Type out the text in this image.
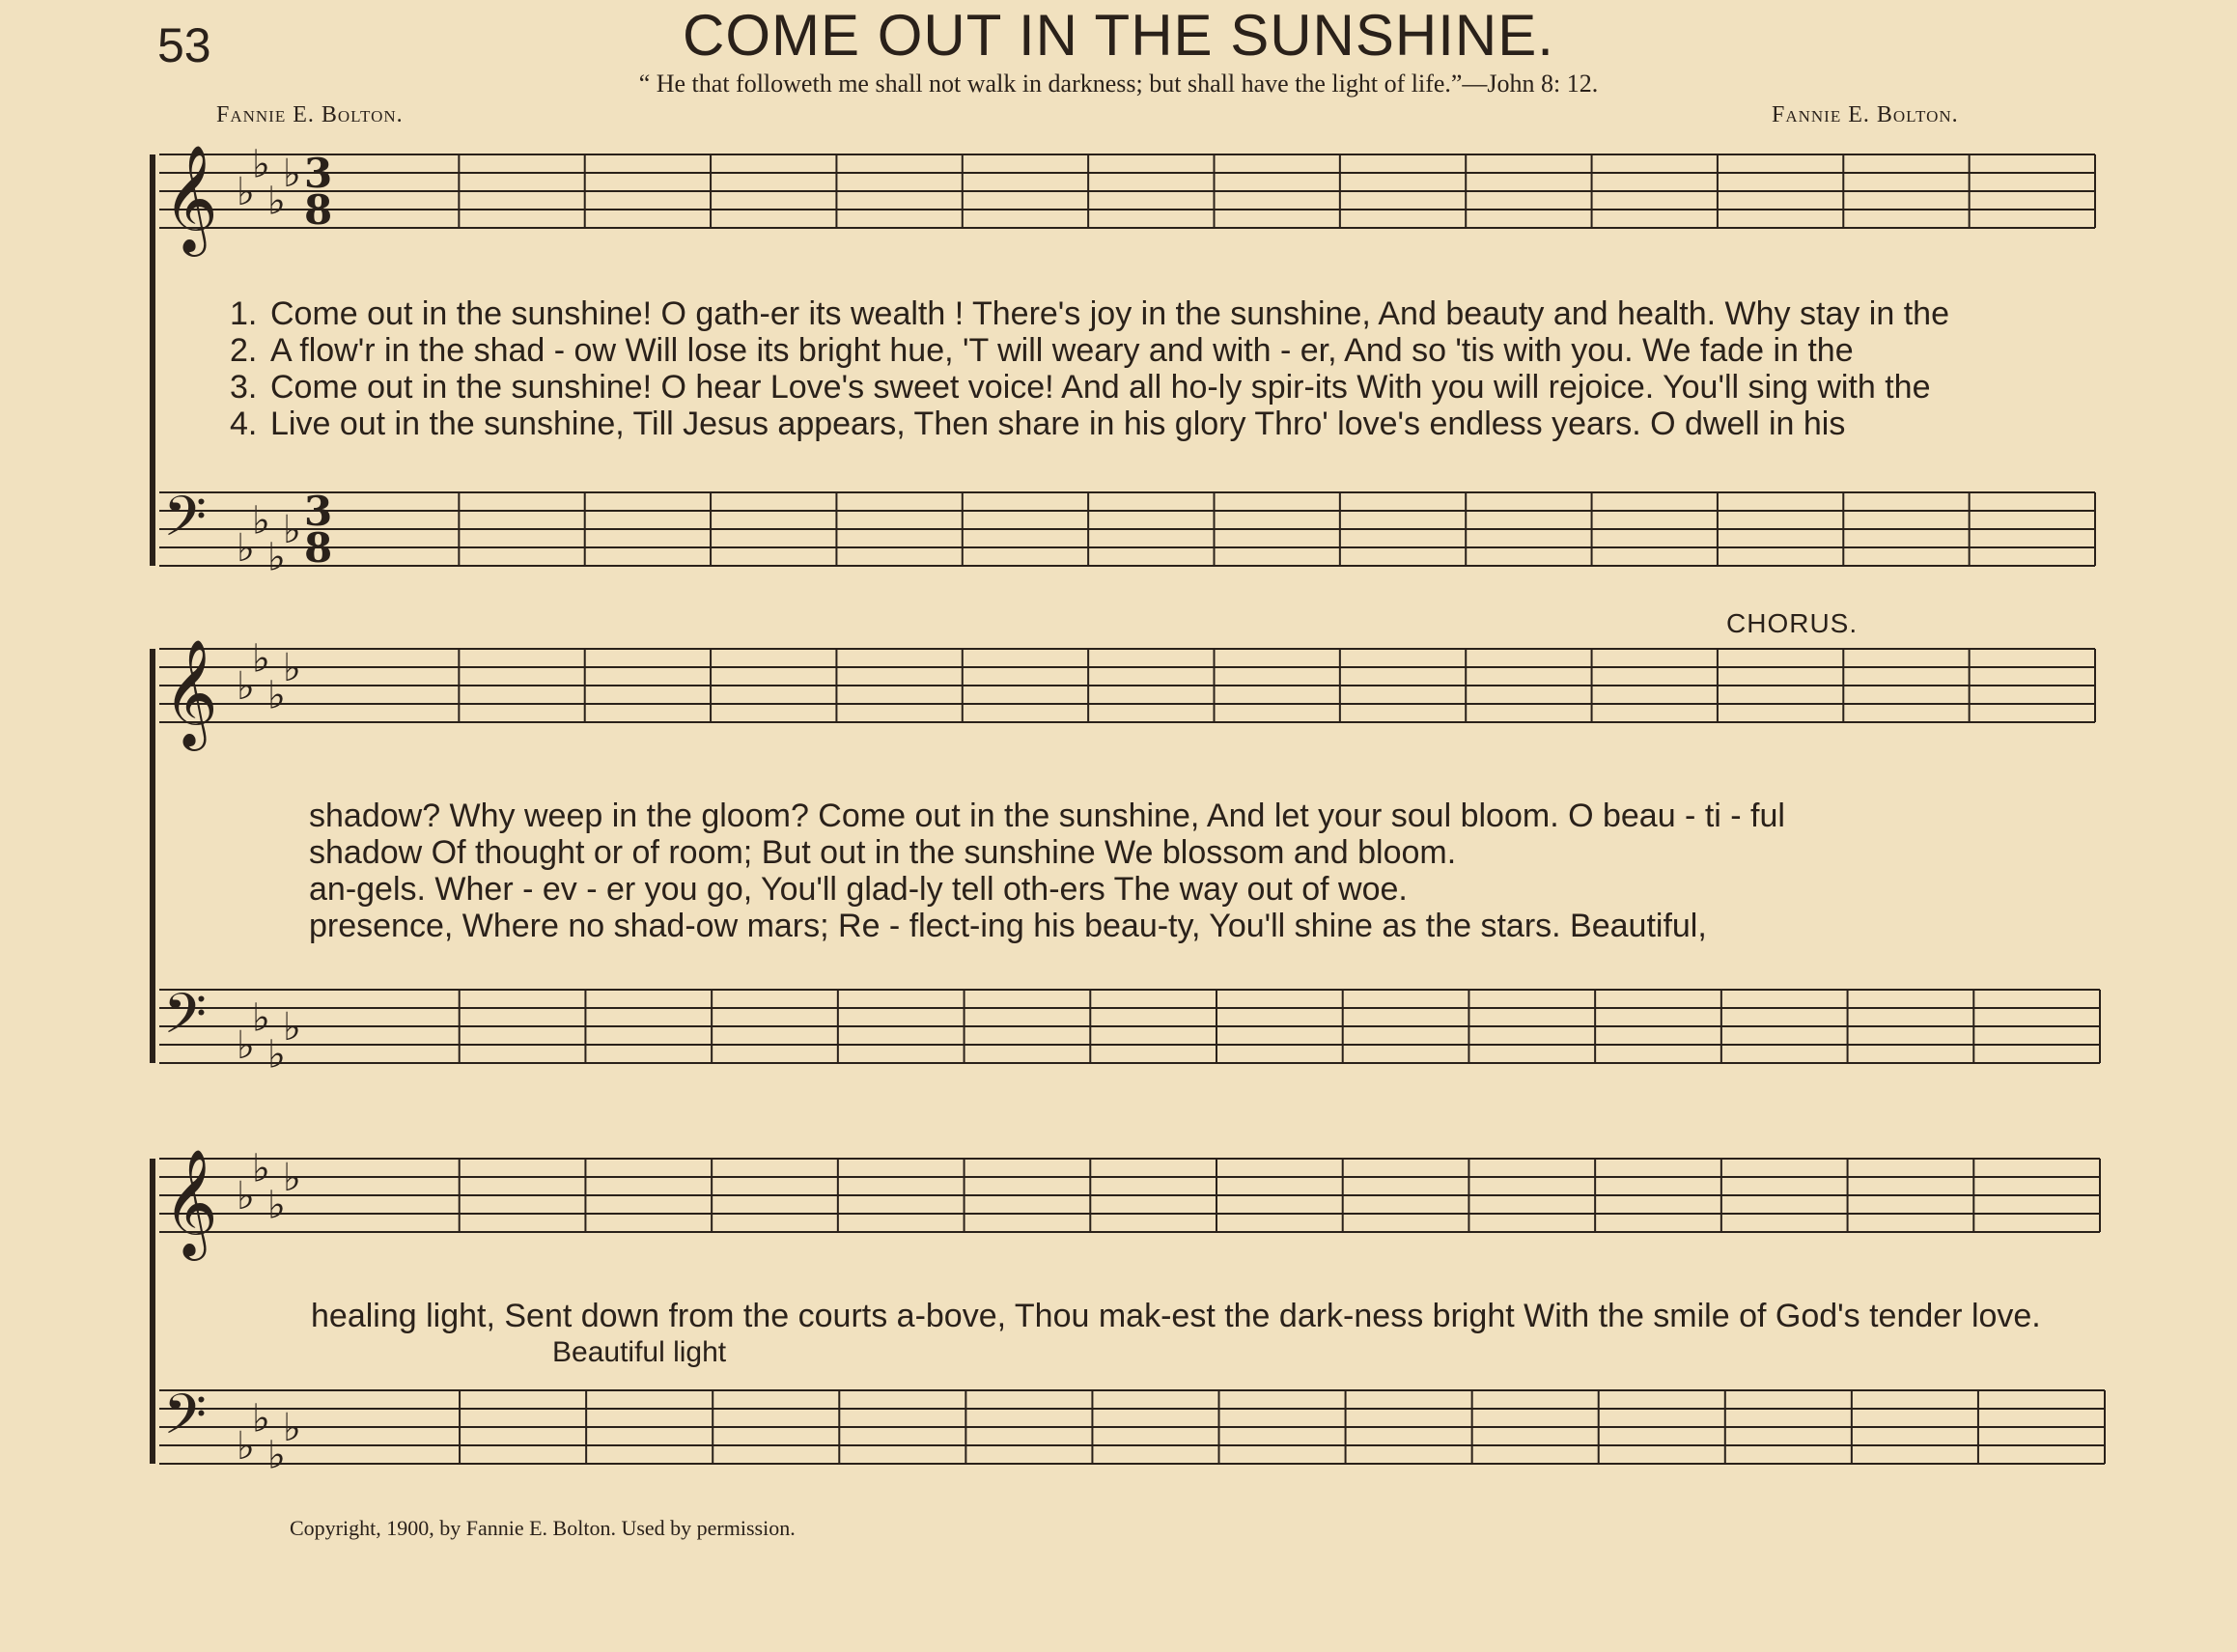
𝄞 ♭
♭
♭
♭ 3
8
𝄢 ♭
♭
♭
♭ 3
8
𝄞 ♭
♭
♭
♭
𝄢 ♭
♭
♭
♭
𝄞 ♭
♭
♭
♭
𝄢 ♭
♭
♭
♭
53	COME OUT IN THE SUNSHINE.
“ He that followeth me shall not walk in darkness; but shall have the light of life.”—John 8: 12.
Fannie E. Bolton.	Fannie E. Bolton.
CHORUS.
1. Come out in the sunshine! O gath-er its wealth ! There's joy in the sunshine, And beauty and health. Why stay in the
2. A flow'r in the shad - ow Will lose its bright hue, 'T will weary and with - er, And so 'tis with you. We fade in the
3. Come out in the sunshine! O hear Love's sweet voice! And all ho-ly spir-its With you will rejoice. You'll sing with the
4. Live out in the sunshine, Till Jesus appears, Then share in his glory Thro' love's endless years. O dwell in his
shadow? Why weep in the gloom? Come out in the sunshine, And let your soul bloom. O beau - ti - ful
shadow Of thought or of room; But out in the sunshine We blossom and bloom.
an-gels. Wher - ev - er you go, You'll glad-ly tell oth-ers The way out of woe.
presence, Where no shad-ow mars; Re - flect-ing his beau-ty, You'll shine as the stars. Beautiful,
healing light, Sent down from the courts a-bove, Thou mak-est the dark-ness bright With the smile of God's tender love.
Beautiful light
Copyright, 1900, by Fannie E. Bolton. Used by permission.
